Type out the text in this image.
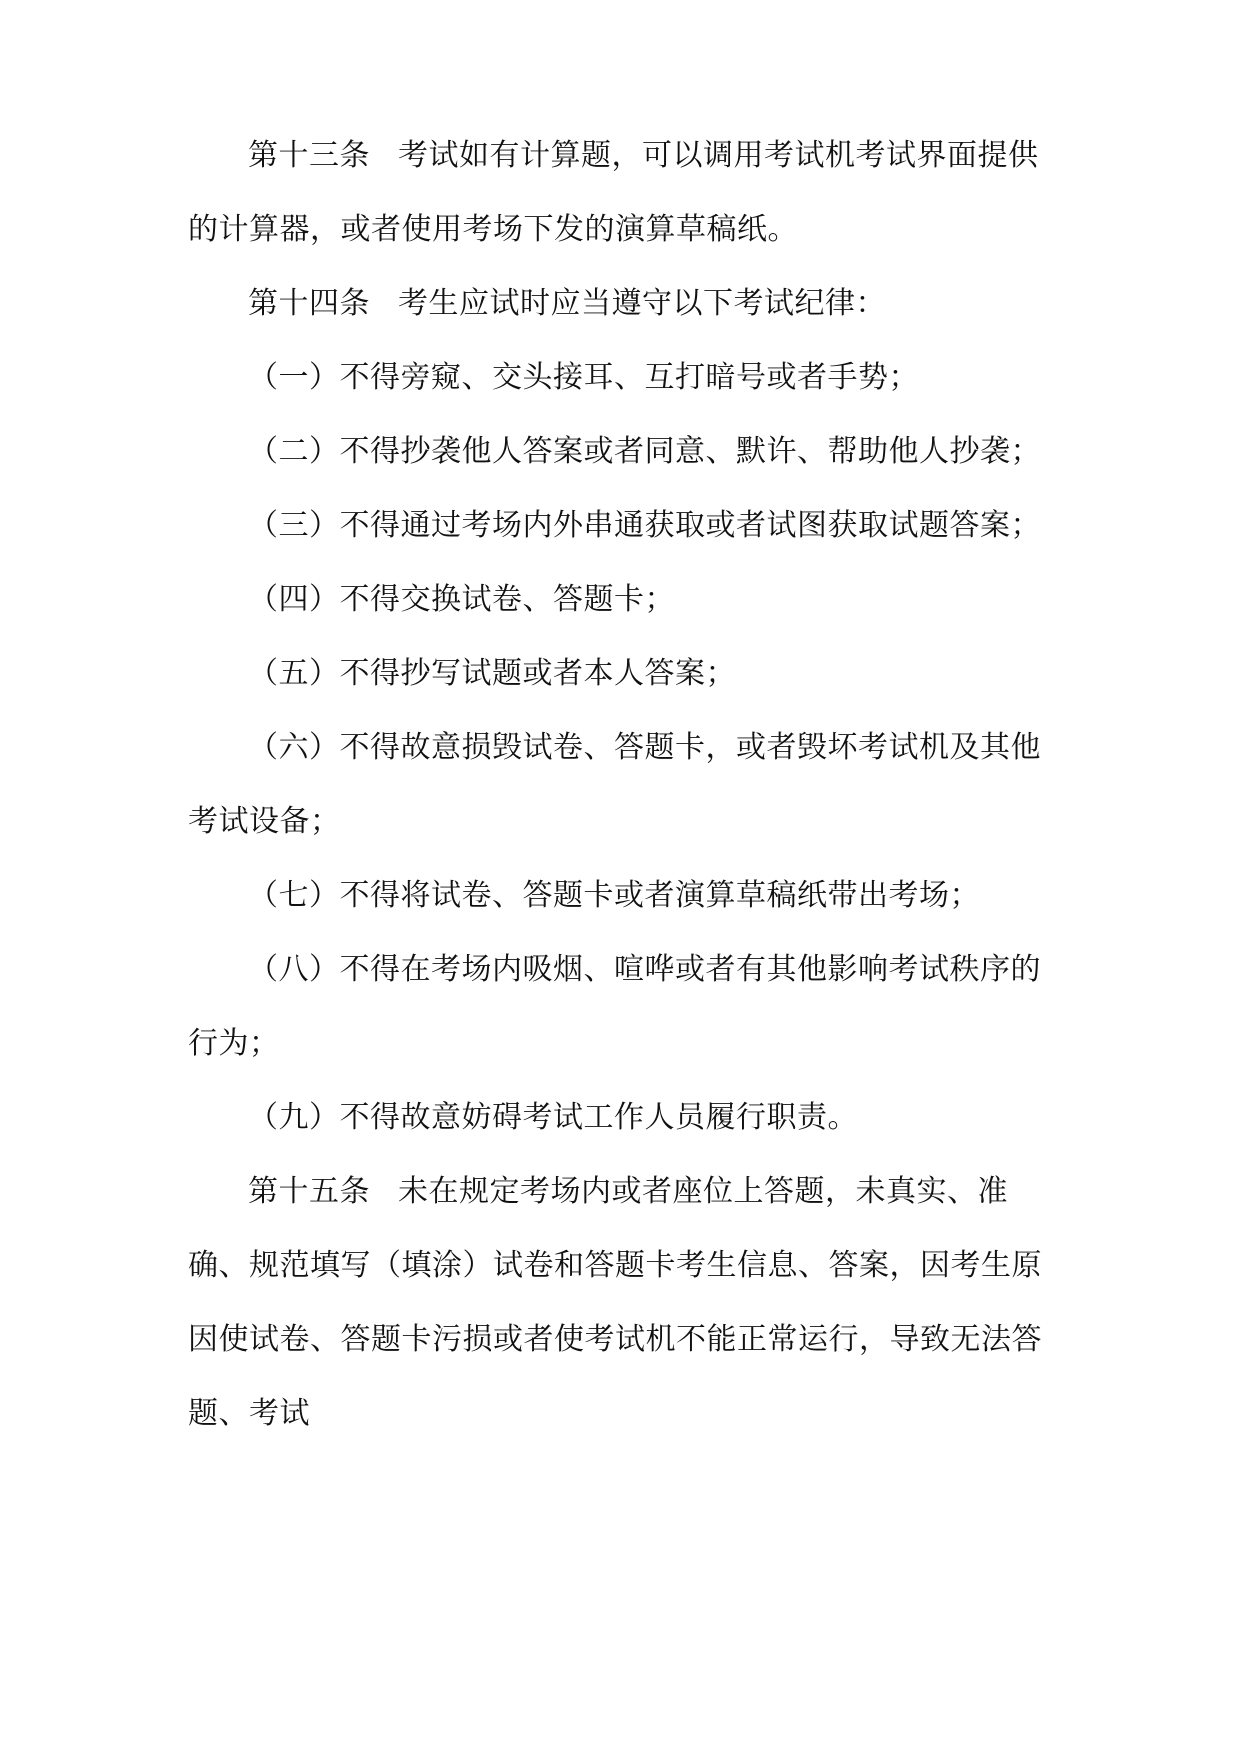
第十三条 考试如有计算题，可以调用考试机考试界面提供的计算器，或者使用考场下发的演算草稿纸。

第十四条 考生应试时应当遵守以下考试纪律：

（一）不得旁窥、交头接耳、互打暗号或者手势；

（二）不得抄袭他人答案或者同意、默许、帮助他人抄袭；

（三）不得通过考场内外串通获取或者试图获取试题答案；

（四）不得交换试卷、答题卡；

（五）不得抄写试题或者本人答案；

（六）不得故意损毁试卷、答题卡，或者毁坏考试机及其他考试设备；

（七）不得将试卷、答题卡或者演算草稿纸带出考场；

（八）不得在考场内吸烟、喧哗或者有其他影响考试秩序的行为；

（九）不得故意妨碍考试工作人员履行职责。

第十五条 未在规定考场内或者座位上答题，未真实、准确、规范填写（填涂）试卷和答题卡考生信息、答案，因考生原因使试卷、答题卡污损或者使考试机不能正常运行，导致无法答题、考试
